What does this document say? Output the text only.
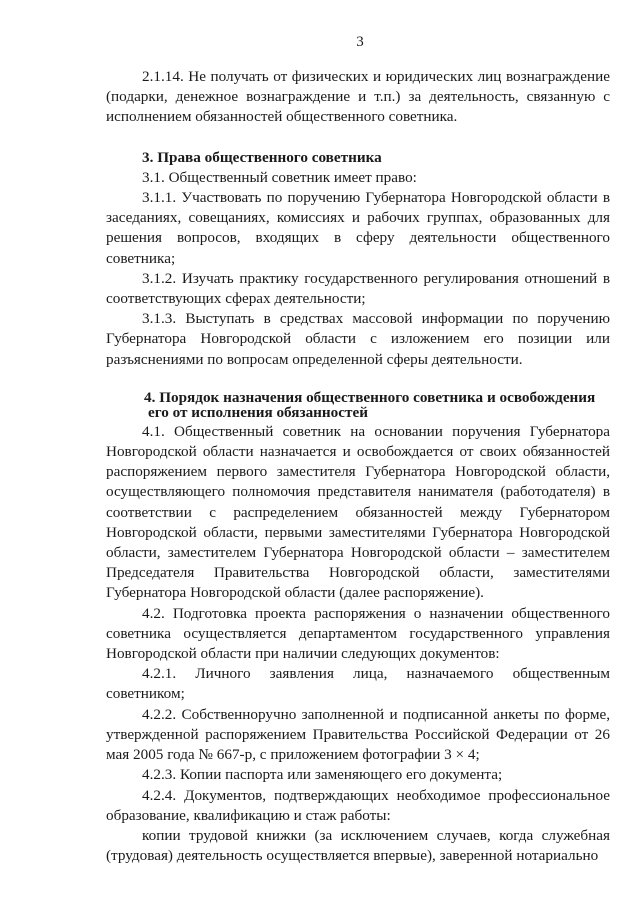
3

2.1.14. Не получать от физических и юридических лиц вознаграждение (подарки, денежное вознаграждение и т.п.) за деятельность, связанную с исполнением обязанностей общественного советника.

3. Права общественного советника

3.1. Общественный советник имеет право:

3.1.1. Участвовать по поручению Губернатора Новгородской области в заседаниях, совещаниях, комиссиях и рабочих группах, образованных для решения вопросов, входящих в сферу деятельности общественного советника;

3.1.2. Изучать практику государственного регулирования отношений в соответствующих сферах деятельности;

3.1.3. Выступать в средствах массовой информации по поручению Губернатора Новгородской области с изложением его позиции или разъяснениями по вопросам определенной сферы деятельности.

4. Порядок назначения общественного советника и освобождения его от исполнения обязанностей

4.1. Общественный советник на основании поручения Губернатора Новгородской области назначается и освобождается от своих обязанностей распоряжением первого заместителя Губернатора Новгородской области, осуществляющего полномочия представителя нанимателя (работодателя) в соответствии с распределением обязанностей между Губернатором Новгородской области, первыми заместителями Губернатора Новгородской области, заместителем Губернатора Новгородской области – заместителем Председателя Правительства Новгородской области, заместителями Губернатора Новгородской области (далее распоряжение).

4.2. Подготовка проекта распоряжения о назначении общественного советника осуществляется департаментом государственного управления Новгородской области при наличии следующих документов:

4.2.1. Личного заявления лица, назначаемого общественным советником;

4.2.2. Собственноручно заполненной и подписанной анкеты по форме, утвержденной распоряжением Правительства Российской Федерации от 26 мая 2005 года № 667-р, с приложением фотографии 3 × 4;

4.2.3. Копии паспорта или заменяющего его документа;

4.2.4. Документов, подтверждающих необходимое профессиональное образование, квалификацию и стаж работы:

копии трудовой книжки (за исключением случаев, когда служебная (трудовая) деятельность осуществляется впервые), заверенной нотариально
